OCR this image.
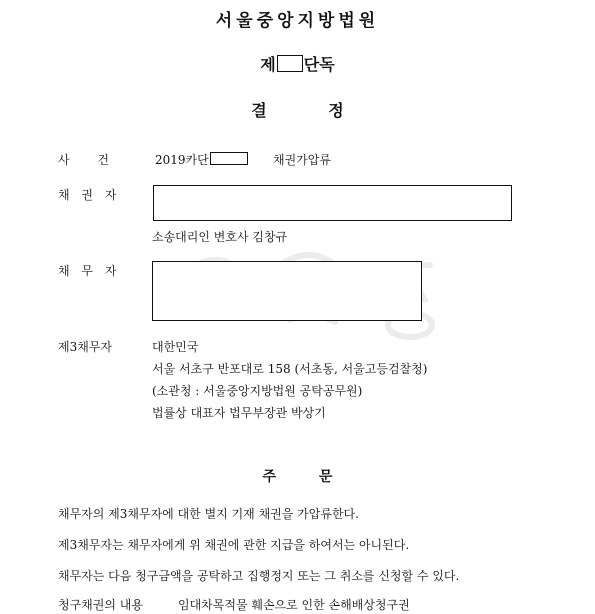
서울중앙지방법원
제 단독
결 정
사 건	2019카단	채권가압류
채 권 자
소송대리인 변호사 김창규
채 무 자
제3채무자	대한민국
서울 서초구 반포대로 158 (서초동, 서울고등검찰청)
(소관청 : 서울중앙지방법원 공탁공무원)
법률상 대표자 법무부장관 박상기
주 문
채무자의 제3채무자에 대한 별지 기재 채권을 가압류한다.
제3채무자는 채무자에게 위 채권에 관한 지급을 하여서는 아니된다.
채무자는 다음 청구금액을 공탁하고 집행정지 또는 그 취소를 신청할 수 있다.
청구채권의 내용	임대차목적물 훼손으로 인한 손해배상청구권
